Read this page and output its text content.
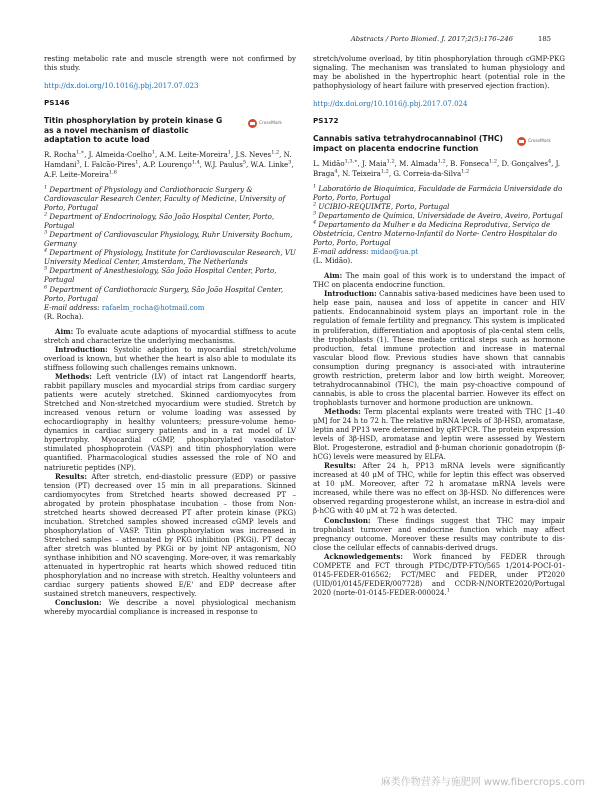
Abstracts / Porto Biomed. J. 2017;2(5):176–246	185

resting metabolic rate and muscle strength were not confirmed by this study.

http://dx.doi.org/10.1016/j.pbj.2017.07.023

PS146

Titin phosphorylation by protein kinase G as a novel mechanism of diastolic adaptation to acute load

CrossMark

R. Rocha$^{1,∗}$, J. Almeida-Coelho$^1$, A.M. Leite-Moreira$^1$, J.S. Neves$^{1,2}$, N. Hamdani$^3$, I. Falcão-Pires$^1$, A.P. Lourenço$^{1,4}$, W.J. Paulus$^5$, W.A. Linke$^3$, A.F. Leite-Moreira$^{1,6}$

$^1$ Department of Physiology and Cardiothoracic Surgery & Cardiovascular Research Center, Faculty of Medicine, University of Porto, Portugal

$^2$ Department of Endocrinology, São João Hospital Center, Porto, Portugal

$^3$ Department of Cardiovascular Physiology, Ruhr University Bochum, Germany

$^4$ Department of Physiology, Institute for Cardiovascular Research, VU University Medical Center, Amsterdam, The Netherlands

$^5$ Department of Anesthesiology, São João Hospital Center, Porto, Portugal

$^6$ Department of Cardiothoracic Surgery, São João Hospital Center, Porto, Portugal

E-mail address: rafaelm_rocha@hotmail.com

(R. Rocha).

Aim: To evaluate acute adaptions of myocardial stiffness to acute stretch and characterize the underlying mechanisms.

Introduction: Systolic adaption to myocardial stretch/volume overload is known, but whether the heart is also able to modulate its stiffness following such challenges remains unknown.

Methods: Left ventricle (LV) of intact rat Langendorff hearts, rabbit papillary muscles and myocardial strips from cardiac surgery patients were acutely stretched. Skinned cardiomyocytes from Stretched and Non-stretched myocardium were studied. Stretch by increased venous return or volume loading was assessed by echocardiography in healthy volunteers; pressure-volume hemo-dynamics in cardiac surgery patients and in a rat model of LV hypertrophy. Myocardial cGMP, phosphorylated vasodilator-stimulated phosphoprotein (VASP) and titin phosphorylation were quantified. Pharmacological studies assessed the role of NO and natriuretic peptides (NP).

Results: After stretch, end-diastolic pressure (EDP) or passive tension (PT) decreased over 15 min in all preparations. Skinned cardiomyocytes from Stretched hearts showed decreased PT – abrogated by protein phosphatase incubation – those from Non-stretched hearts showed decreased PT after protein kinase (PKG) incubation. Stretched samples showed increased cGMP levels and phosphorylation of VASP. Titin phosphorylation was increased in Stretched samples – attenuated by PKG inhibition (PKGi). PT decay after stretch was blunted by PKGi or by joint NP antagonism, NO synthase inhibition and NO scavenging. More-over, it was remarkably attenuated in hypertrophic rat hearts which showed reduced titin phosphorylation and no increase with stretch. Healthy volunteers and cardiac surgery patients showed E/E' and EDP decrease after sustained stretch maneuvers, respectively.

Conclusion: We describe a novel physiological mechanism whereby myocardial compliance is increased in response to

stretch/volume overload, by titin phosphorylation through cGMP-PKG signaling. The mechanism was translated to human physiology and may be abolished in the hypertrophic heart (potential role in the pathophysiology of heart failure with preserved ejection fraction).

http://dx.doi.org/10.1016/j.pbj.2017.07.024

PS172

Cannabis sativa tetrahydrocannabinol (THC) impact on placenta endocrine function

CrossMark

L. Midão$^{1,3,∗}$, J. Maia$^{1,2}$, M. Almada$^{1,2}$, B. Fonseca$^{1,2}$, D. Gonçalves$^4$, J. Braga$^4$, N. Teixeira$^{1,2}$, G. Correia-da-Silva$^{1,2}$

$^1$ Laboratório de Bioquímica, Faculdade de Farmácia Universidade do Porto, Porto, Portugal

$^2$ UCIBIO-REQUIMTE, Porto, Portugal

$^3$ Departamento de Química, Universidade de Aveiro, Aveiro, Portugal

$^4$ Departamento da Mulher e da Medicina Reprodutiva, Serviço de Obstetrícia, Centro Materno-Infantil do Norte- Centro Hospitalar do Porto, Porto, Portugal

E-mail address: midao@ua.pt

(L. Midão).

Aim: The main goal of this work is to understand the impact of THC on placenta endocrine function.

Introduction: Cannabis sativa-based medicines have been used to help ease pain, nausea and loss of appetite in cancer and HIV patients. Endocannabinoid system plays an important role in the regulation of female fertility and pregnancy. This system is implicated in proliferation, differentiation and apoptosis of pla-cental stem cells, the trophoblasts (1). These mediate critical steps such as hormone production, fetal immune protection and increase in maternal vascular blood flow. Previous studies have shown that cannabis consumption during pregnancy is associ-ated with intrauterine growth restriction, preterm labor and low birth weight. Moreover, tetrahydrocannabinol (THC), the main psy-choactive compound of cannabis, is able to cross the placental barrier. However its effect on trophoblasts turnover and hormone production are unknown.

Methods: Term placental explants were treated with THC [1–40 μM] for 24 h to 72 h. The relative mRNA levels of 3β-HSD, aromatase, leptin and PP13 were determined by qRT-PCR. The protein expression levels of 3β-HSD, aromatase and leptin were assessed by Western Blot. Progesterone, estradiol and β-human chorionic gonadotropin (β-hCG) levels were measured by ELFA.

Results: After 24 h, PP13 mRNA levels were significantly increased at 40 μM of THC, while for leptin this effect was observed at 10 μM. Moreover, after 72 h aromatase mRNA levels were increased, while there was no effect on 3β-HSD. No differences were observed regarding progesterone whilst, an increase in estra-diol and β-hCG with 40 μM at 72 h was detected.

Conclusion: These findings suggest that THC may impair trophoblast turnover and endocrine function which may affect pregnancy outcome. Moreover these results may contribute to dis-close the cellular effects of cannabis-derived drugs.

Acknowledgements: Work financed by FEDER through COMPETE and FCT through PTDC/DTP-FTO/565 1/2014-POCI-01-0145-FEDER-016562; FCT/MEC and FEDER, under PT2020 (UID/01/0145/FEDER/007728) and CCDR-N/NORTE2020/Portugal 2020 (norte-01-0145-FEDER-000024.$^1$

麻类作物营养与施肥网 www.fibercrops.com
